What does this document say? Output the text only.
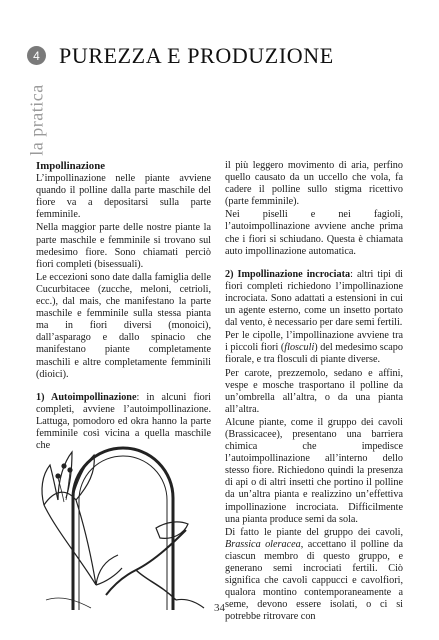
4
la pratica
PUREZZA E PRODUZIONE
Impollinazione

L’impollinazione nelle piante avviene quando il polline dalla parte maschile del fiore va a depositarsi sulla parte femminile.

Nella maggior parte delle nostre piante la parte maschile e femminile si trovano sul medesimo fiore. Sono chiamati perciò fiori completi (bisessuali).

Le eccezioni sono date dalla famiglia delle Cucurbitacee (zucche, meloni, cetrioli, ecc.), dal mais, che manifestano la parte maschile e femminile sulla stessa pianta ma in fiori diversi (monoici), dall’asparago e dallo spinacio che manifestano piante completamente maschili e altre completamente femminili (dioici).

1) Autoimpollinazione: in alcuni fiori completi, avviene l’autoimpollinazione. Lattuga, pomodoro ed okra hanno la parte femminile così vicina a quella maschile che

il più leggero movimento di aria, perfino quello causato da un uccello che vola, fa cadere il polline sullo stigma ricettivo (parte femminile).

Nei piselli e nei fagioli, l’autoimpollinazione avviene anche prima che i fiori si schiudano. Questa è chiamata auto impollinazione automatica.

2) Impollinazione incrociata: altri tipi di fiori completi richiedono l’impollinazione incrociata. Sono adattati a estensioni in cui un agente esterno, come un insetto portato dal vento, è necessario per dare semi fertili.

Per le cipolle, l’impollinazione avviene tra i piccoli fiori (flosculi) del medesimo scapo fiorale, e tra flosculi di piante diverse.

Per carote, prezzemolo, sedano e affini, vespe e mosche trasportano il polline da un’ombrella all’altra, o da una pianta all’altra.

Alcune piante, come il gruppo dei cavoli (Brassicacee), presentano una barriera chimica che impedisce l’autoimpollinazione all’interno dello stesso fiore. Richiedono quindi la presenza di api o di altri insetti che portino il polline da un’altra pianta e realizzino un’effettiva impollinazione incrociata. Difficilmente una pianta produce semi da sola.

Di fatto le piante del gruppo dei cavoli, Brassica oleracea, accettano il polline da ciascun membro di questo gruppo, e generano semi incrociati fertili. Ciò significa che cavoli cappucci e cavolfiori, qualora montino contemporaneamente a seme, devono essere isolati, o ci si potrebbe ritrovare con

34
